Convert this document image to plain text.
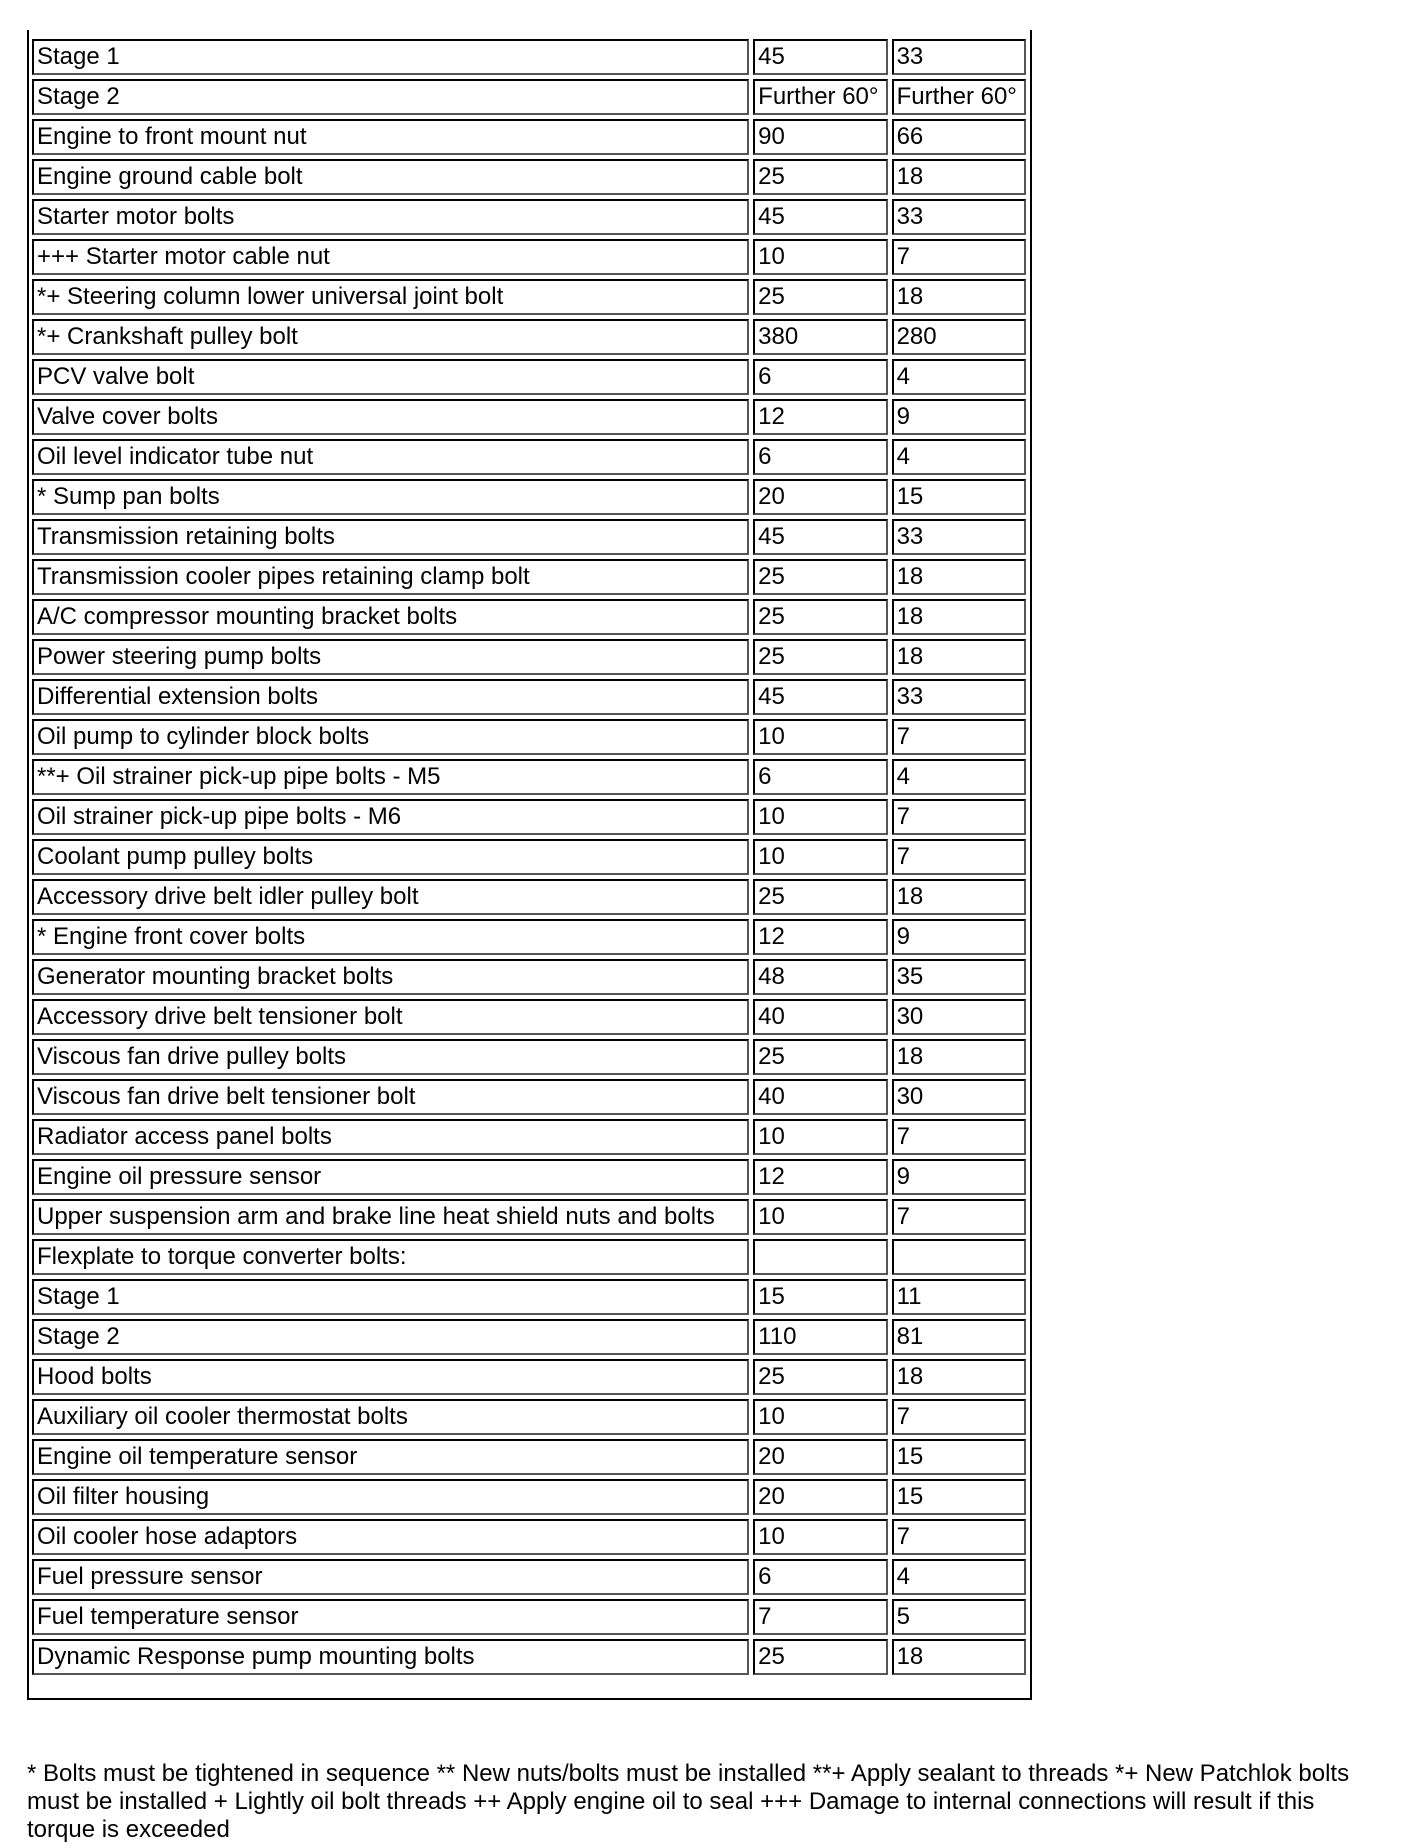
Stage 1	45	33
Stage 2	Further 60°	Further 60°
Engine to front mount nut	90	66
Engine ground cable bolt	25	18
Starter motor bolts	45	33
+++ Starter motor cable nut	10	7
*+ Steering column lower universal joint bolt	25	18
*+ Crankshaft pulley bolt	380	280
PCV valve bolt	6	4
Valve cover bolts	12	9
Oil level indicator tube nut	6	4
* Sump pan bolts	20	15
Transmission retaining bolts	45	33
Transmission cooler pipes retaining clamp bolt	25	18
A/C compressor mounting bracket bolts	25	18
Power steering pump bolts	25	18
Differential extension bolts	45	33
Oil pump to cylinder block bolts	10	7
**+ Oil strainer pick-up pipe bolts - M5	6	4
Oil strainer pick-up pipe bolts - M6	10	7
Coolant pump pulley bolts	10	7
Accessory drive belt idler pulley bolt	25	18
* Engine front cover bolts	12	9
Generator mounting bracket bolts	48	35
Accessory drive belt tensioner bolt	40	30
Viscous fan drive pulley bolts	25	18
Viscous fan drive belt tensioner bolt	40	30
Radiator access panel bolts	10	7
Engine oil pressure sensor	12	9
Upper suspension arm and brake line heat shield nuts and bolts	10	7
Flexplate to torque converter bolts:		
Stage 1	15	11
Stage 2	110	81
Hood bolts	25	18
Auxiliary oil cooler thermostat bolts	10	7
Engine oil temperature sensor	20	15
Oil filter housing	20	15
Oil cooler hose adaptors	10	7
Fuel pressure sensor	6	4
Fuel temperature sensor	7	5
Dynamic Response pump mounting bolts	25	18

* Bolts must be tightened in sequence ** New nuts/bolts must be installed **+ Apply sealant to threads *+ New Patchlok bolts must be installed + Lightly oil bolt threads ++ Apply engine oil to seal +++ Damage to internal connections will result if this torque is exceeded
